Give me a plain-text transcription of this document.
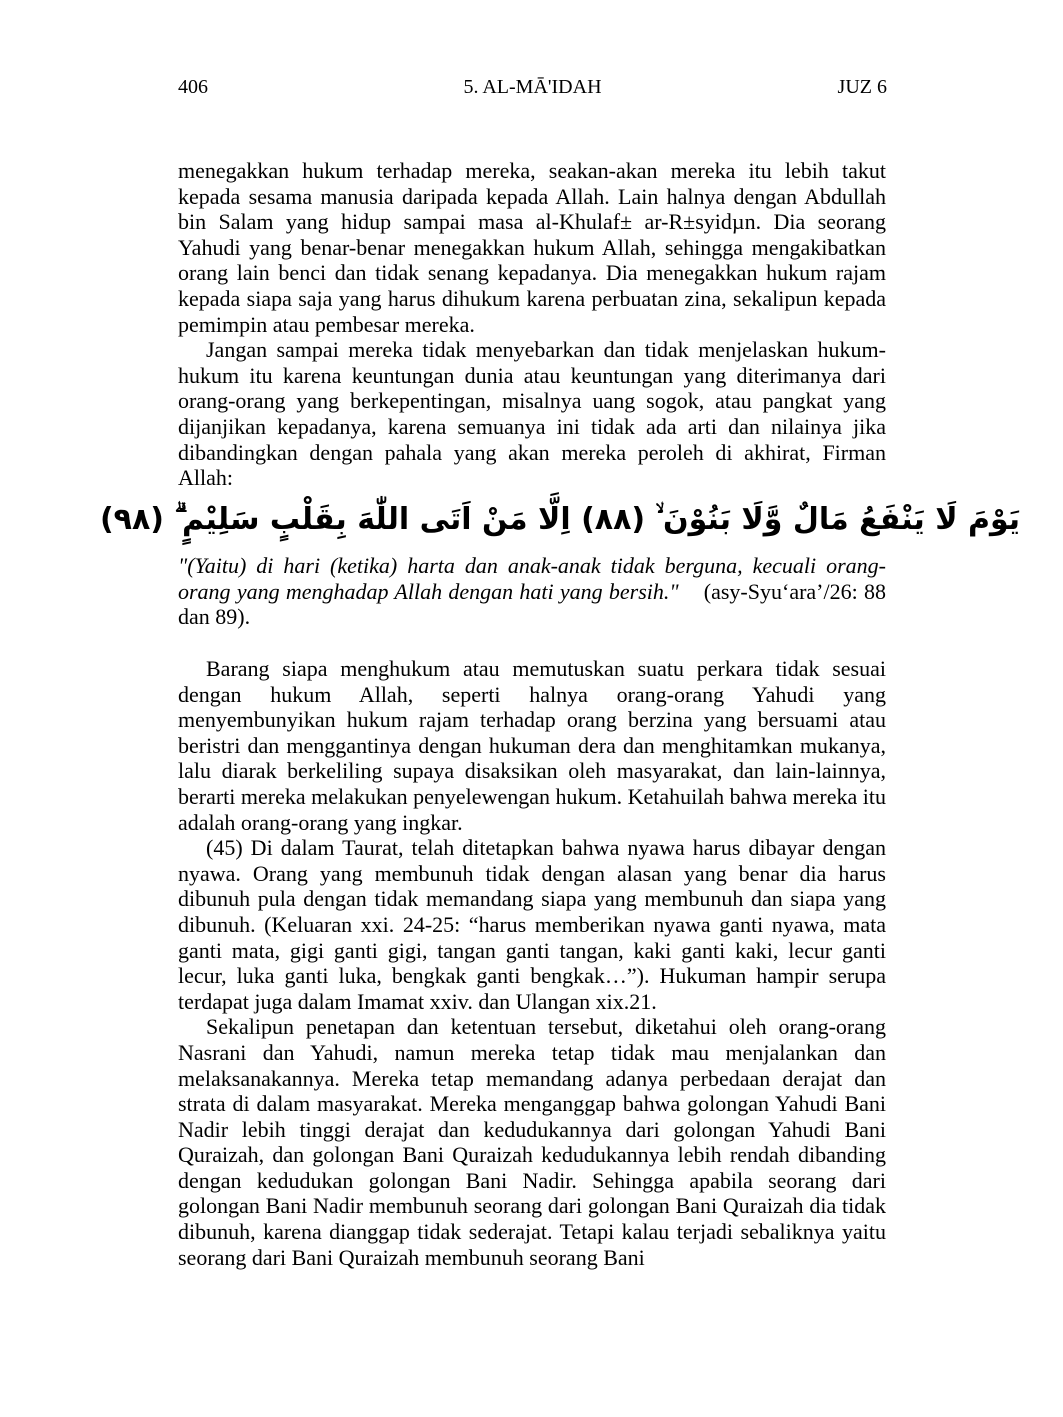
406	5. AL-MĀ'IDAH	JUZ 6

menegakkan hukum terhadap mereka, seakan-akan mereka itu lebih takut kepada sesama manusia daripada kepada Allah. Lain halnya dengan Abdullah bin Salam yang hidup sampai masa al-Khulaf± ar-R±syidµn. Dia seorang Yahudi yang benar-benar menegakkan hukum Allah, sehingga mengakibatkan orang lain benci dan tidak senang kepadanya. Dia menegakkan hukum rajam kepada siapa saja yang harus dihukum karena perbuatan zina, sekalipun kepada pemimpin atau pembesar mereka.

Jangan sampai mereka tidak menyebarkan dan tidak menjelaskan hukum-hukum itu karena keuntungan dunia atau keuntungan yang diterimanya dari orang-orang yang berkepentingan, misalnya uang sogok, atau pangkat yang dijanjikan kepadanya, karena semuanya ini tidak ada arti dan nilainya jika dibandingkan dengan pahala yang akan mereka peroleh di akhirat, Firman Allah:

يَوْمَ لَا يَنْفَعُ مَالٌ وَّلَا بَنُوْنَ ۙ (٨٨) اِلَّا مَنْ اَتَى اللّٰهَ بِقَلْبٍ سَلِيْمٍ ۗ (٨٩)

"(Yaitu) di hari (ketika) harta dan anak-anak tidak berguna, kecuali orang-orang yang menghadap Allah dengan hati yang bersih." (asy-Syu‘ara’/26: 88 dan 89).

Barang siapa menghukum atau memutuskan suatu perkara tidak sesuai dengan hukum Allah, seperti halnya orang-orang Yahudi yang menyembunyikan hukum rajam terhadap orang berzina yang bersuami atau beristri dan menggantinya dengan hukuman dera dan menghitamkan mukanya, lalu diarak berkeliling supaya disaksikan oleh masyarakat, dan lain-lainnya, berarti mereka melakukan penyelewengan hukum. Ketahuilah bahwa mereka itu adalah orang-orang yang ingkar.

(45) Di dalam Taurat, telah ditetapkan bahwa nyawa harus dibayar dengan nyawa. Orang yang membunuh tidak dengan alasan yang benar dia harus dibunuh pula dengan tidak memandang siapa yang membunuh dan siapa yang dibunuh. (Keluaran xxi. 24-25: “harus memberikan nyawa ganti nyawa, mata ganti mata, gigi ganti gigi, tangan ganti tangan, kaki ganti kaki, lecur ganti lecur, luka ganti luka, bengkak ganti bengkak…”). Hukuman hampir serupa terdapat juga dalam Imamat xxiv. dan Ulangan xix.21.

Sekalipun penetapan dan ketentuan tersebut, diketahui oleh orang-orang Nasrani dan Yahudi, namun mereka tetap tidak mau menjalankan dan melaksanakannya. Mereka tetap memandang adanya perbedaan derajat dan strata di dalam masyarakat. Mereka menganggap bahwa golongan Yahudi Bani Nadir lebih tinggi derajat dan kedudukannya dari golongan Yahudi Bani Quraizah, dan golongan Bani Quraizah kedudukannya lebih rendah dibanding dengan kedudukan golongan Bani Nadir. Sehingga apabila seorang dari golongan Bani Nadir membunuh seorang dari golongan Bani Quraizah dia tidak dibunuh, karena dianggap tidak sederajat. Tetapi kalau terjadi sebaliknya yaitu seorang dari Bani Quraizah membunuh seorang Bani
